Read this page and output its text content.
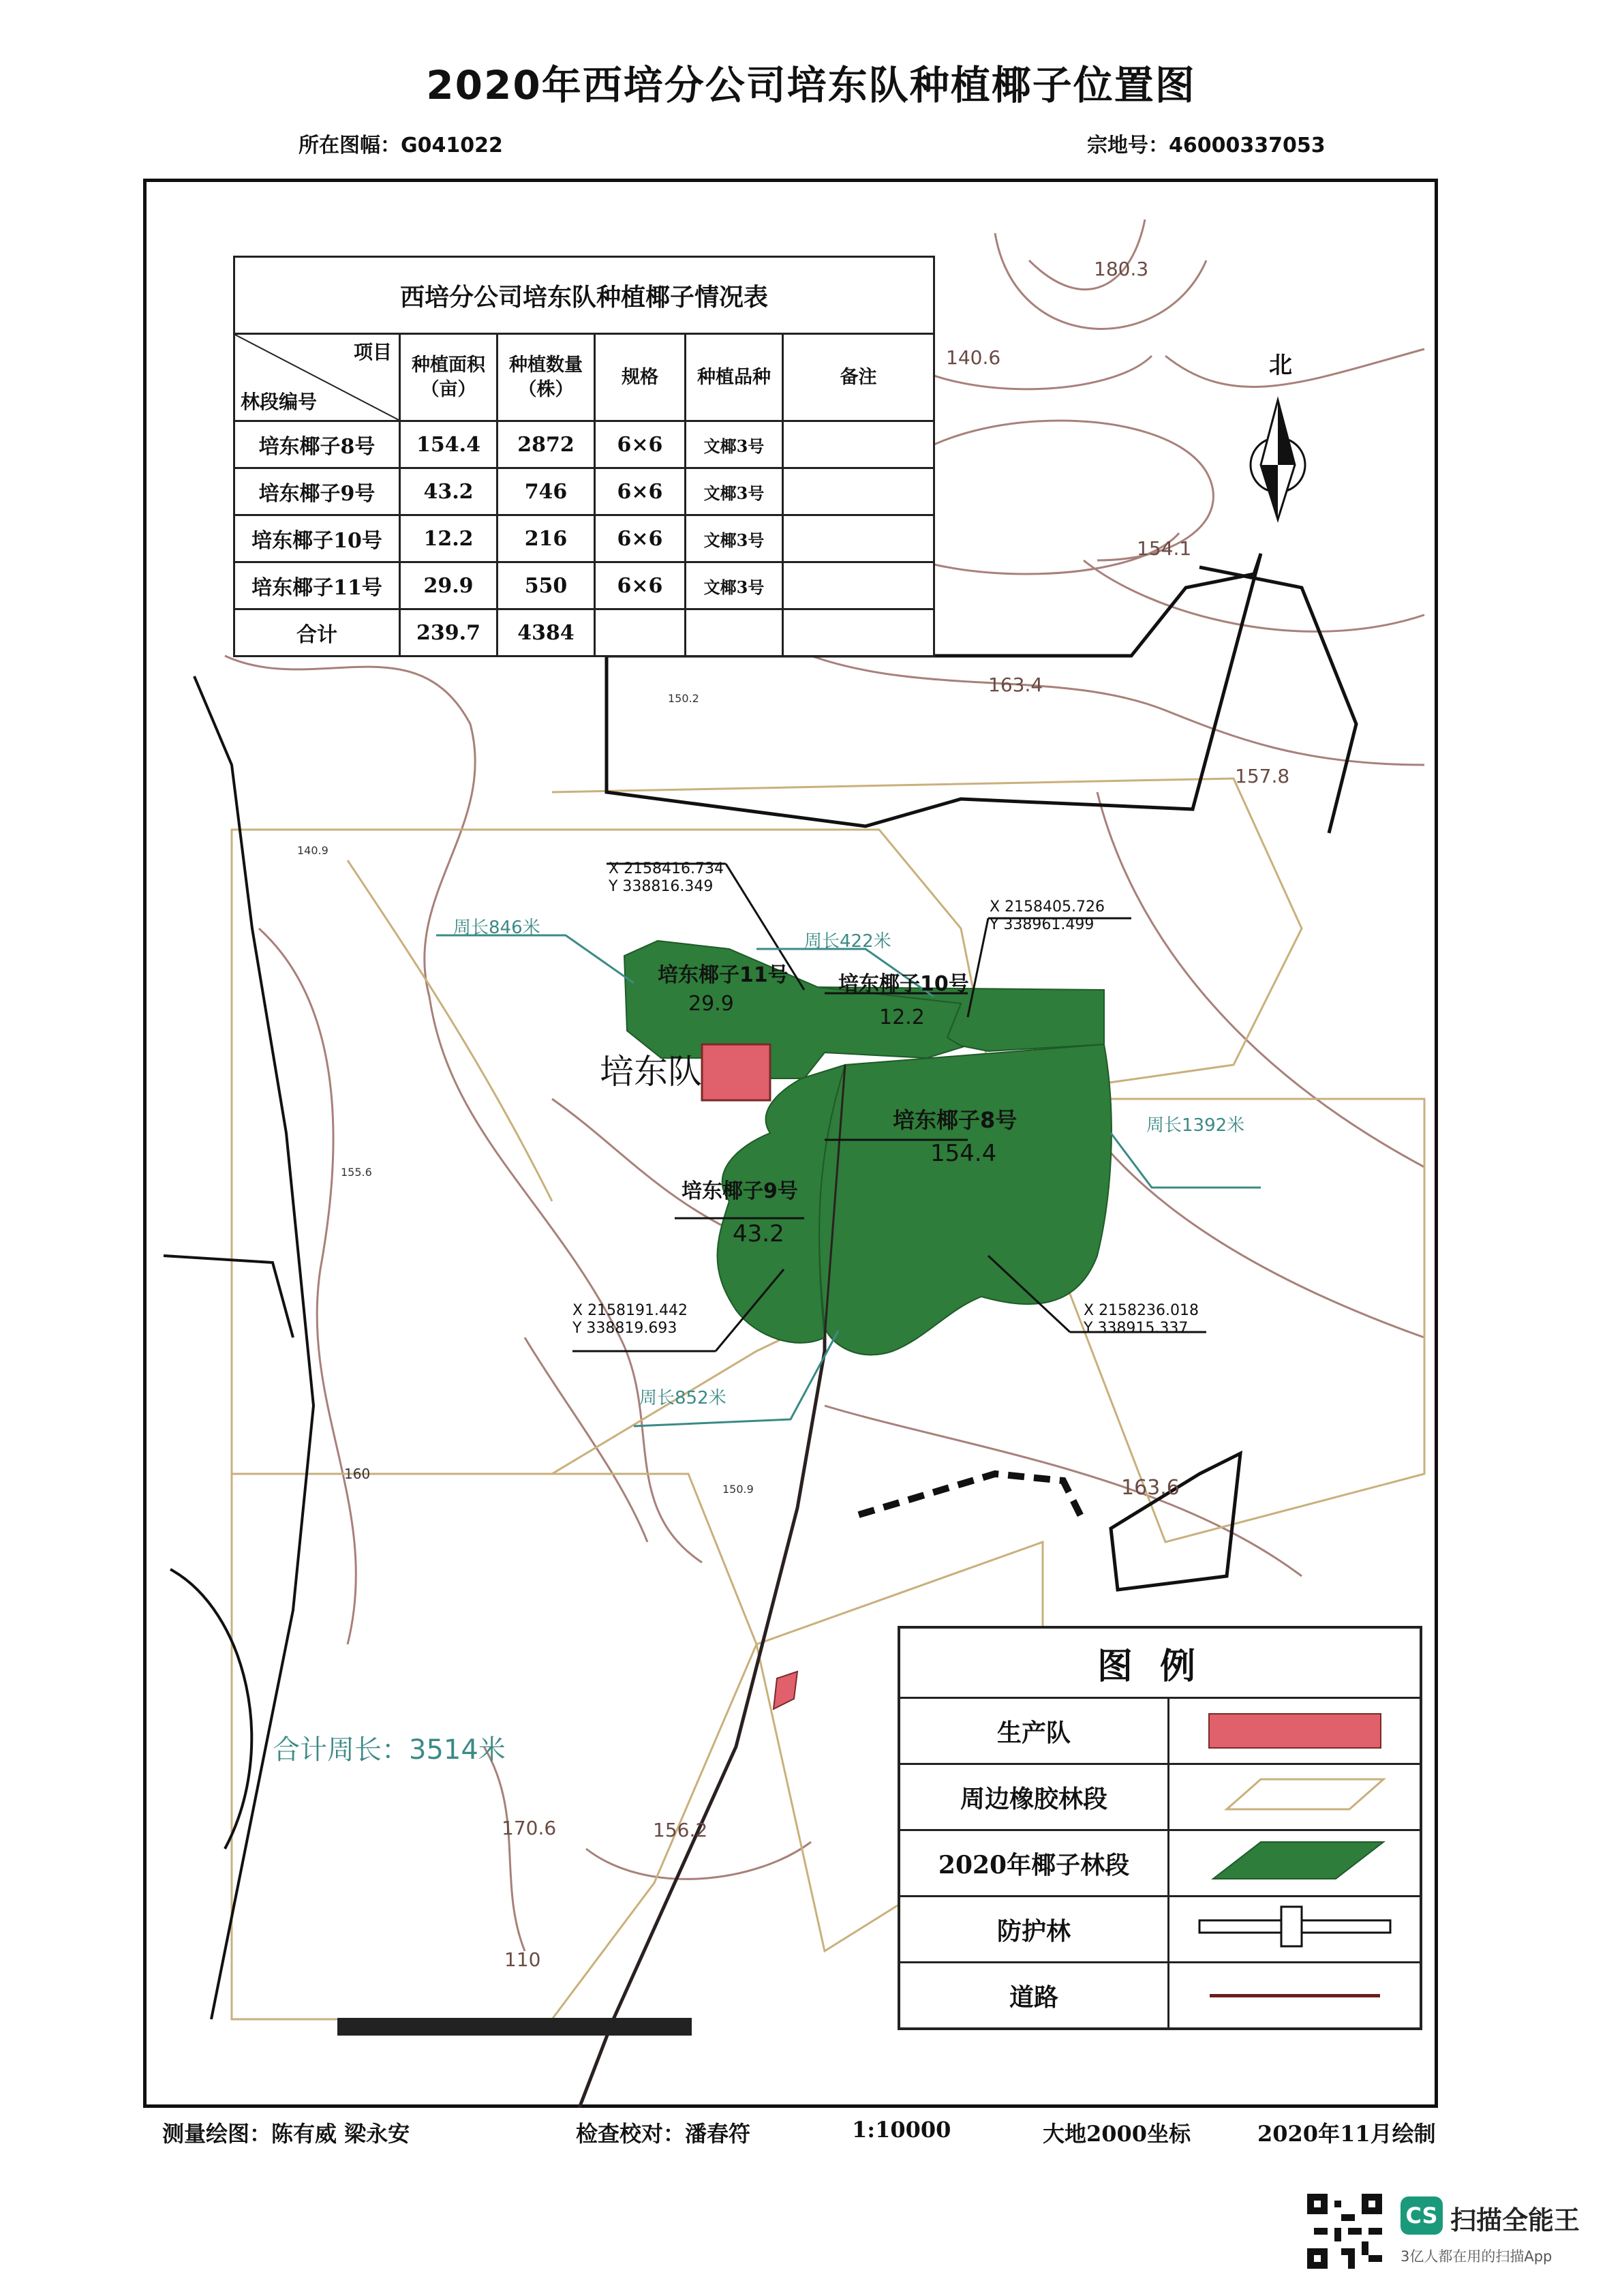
2020年西培分公司培东队种植椰子位置图
所在图幅：G041022	宗地号：46000337053
北
西培分公司培东队种植椰子情况表					

项目
林段编号	种植面积（亩）	种植数量（株）	规格	种植品种	备注
培东椰子8号	154.4	2872	6×6	文椰3号	
培东椰子9号	43.2	746	6×6	文椰3号	
培东椰子10号	12.2	216	6×6	文椰3号	
培东椰子11号	29.9	550	6×6	文椰3号	
合计	239.7	4384			
180.3
140.6
154.1
163.4
157.8
150.2
140.9
155.6
150.9	163.6
170.6	156.2
110
160
培东椰子11号
29.9
培东椰子10号
12.2
培东椰子8号
154.4
培东椰子9号
43.2
培东队
X 2158416.734
Y 338816.349
X 2158405.726
Y 338961.499
X 2158191.442
Y 338819.693
X 2158236.018
Y 338915.337
周长846米
周长422米
周长1392米
周长852米
合计周长：3514米
图例	
生产队	

周边橡胶林段	
2020年椰子林段	
防护林	
道路	
测量绘图：陈有威 梁永安	检查校对：潘春符	1:10000	大地2000坐标	2020年11月绘制
CS 扫描全能王
3亿人都在用的扫描App
